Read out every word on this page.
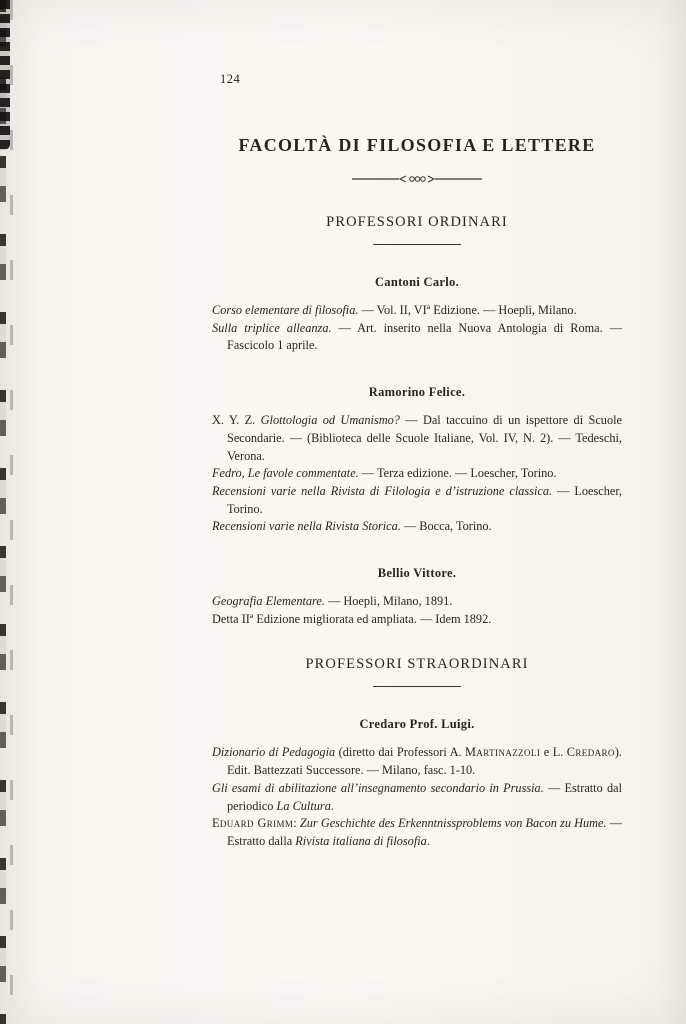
124
FACOLTÀ DI FILOSOFIA E LETTERE
PROFESSORI ORDINARI
Cantoni Carlo.

Corso elementare di filosofia. — Vol. II, VIª Edizione. — Hoepli, Milano.

Sulla triplice alleanza. — Art. inserito nella Nuova Antologia di Roma. — Fascicolo 1 aprile.

Ramorino Felice.

X. Y. Z. Glottologia od Umanismo? — Dal taccuino di un ispettore di Scuole Secondarie. — (Biblioteca delle Scuole Italiane, Vol. IV, N. 2). — Tedeschi, Verona.

Fedro, Le favole commentate. — Terza edizione. — Loescher, Torino.

Recensioni varie nella Rivista di Filologia e d’istruzione classica. — Loescher, Torino.

Recensioni varie nella Rivista Storica. — Bocca, Torino.

Bellio Vittore.

Geografia Elementare. — Hoepli, Milano, 1891.

Detta IIª Edizione migliorata ed ampliata. — Idem 1892.

PROFESSORI STRAORDINARI
Credaro Prof. Luigi.

Dizionario di Pedagogia (diretto dai Professori A. Martinazzoli e L. Credaro). Edit. Battezzati Successore. — Milano, fasc. 1-10.

Gli esami di abilitazione all’insegnamento secondario in Prussia. — Estratto dal periodico La Cultura.

Eduard Grimm: Zur Geschichte des Erkenntnissproblems von Bacon zu Hume. — Estratto dalla Rivista italiana di filosofia.
